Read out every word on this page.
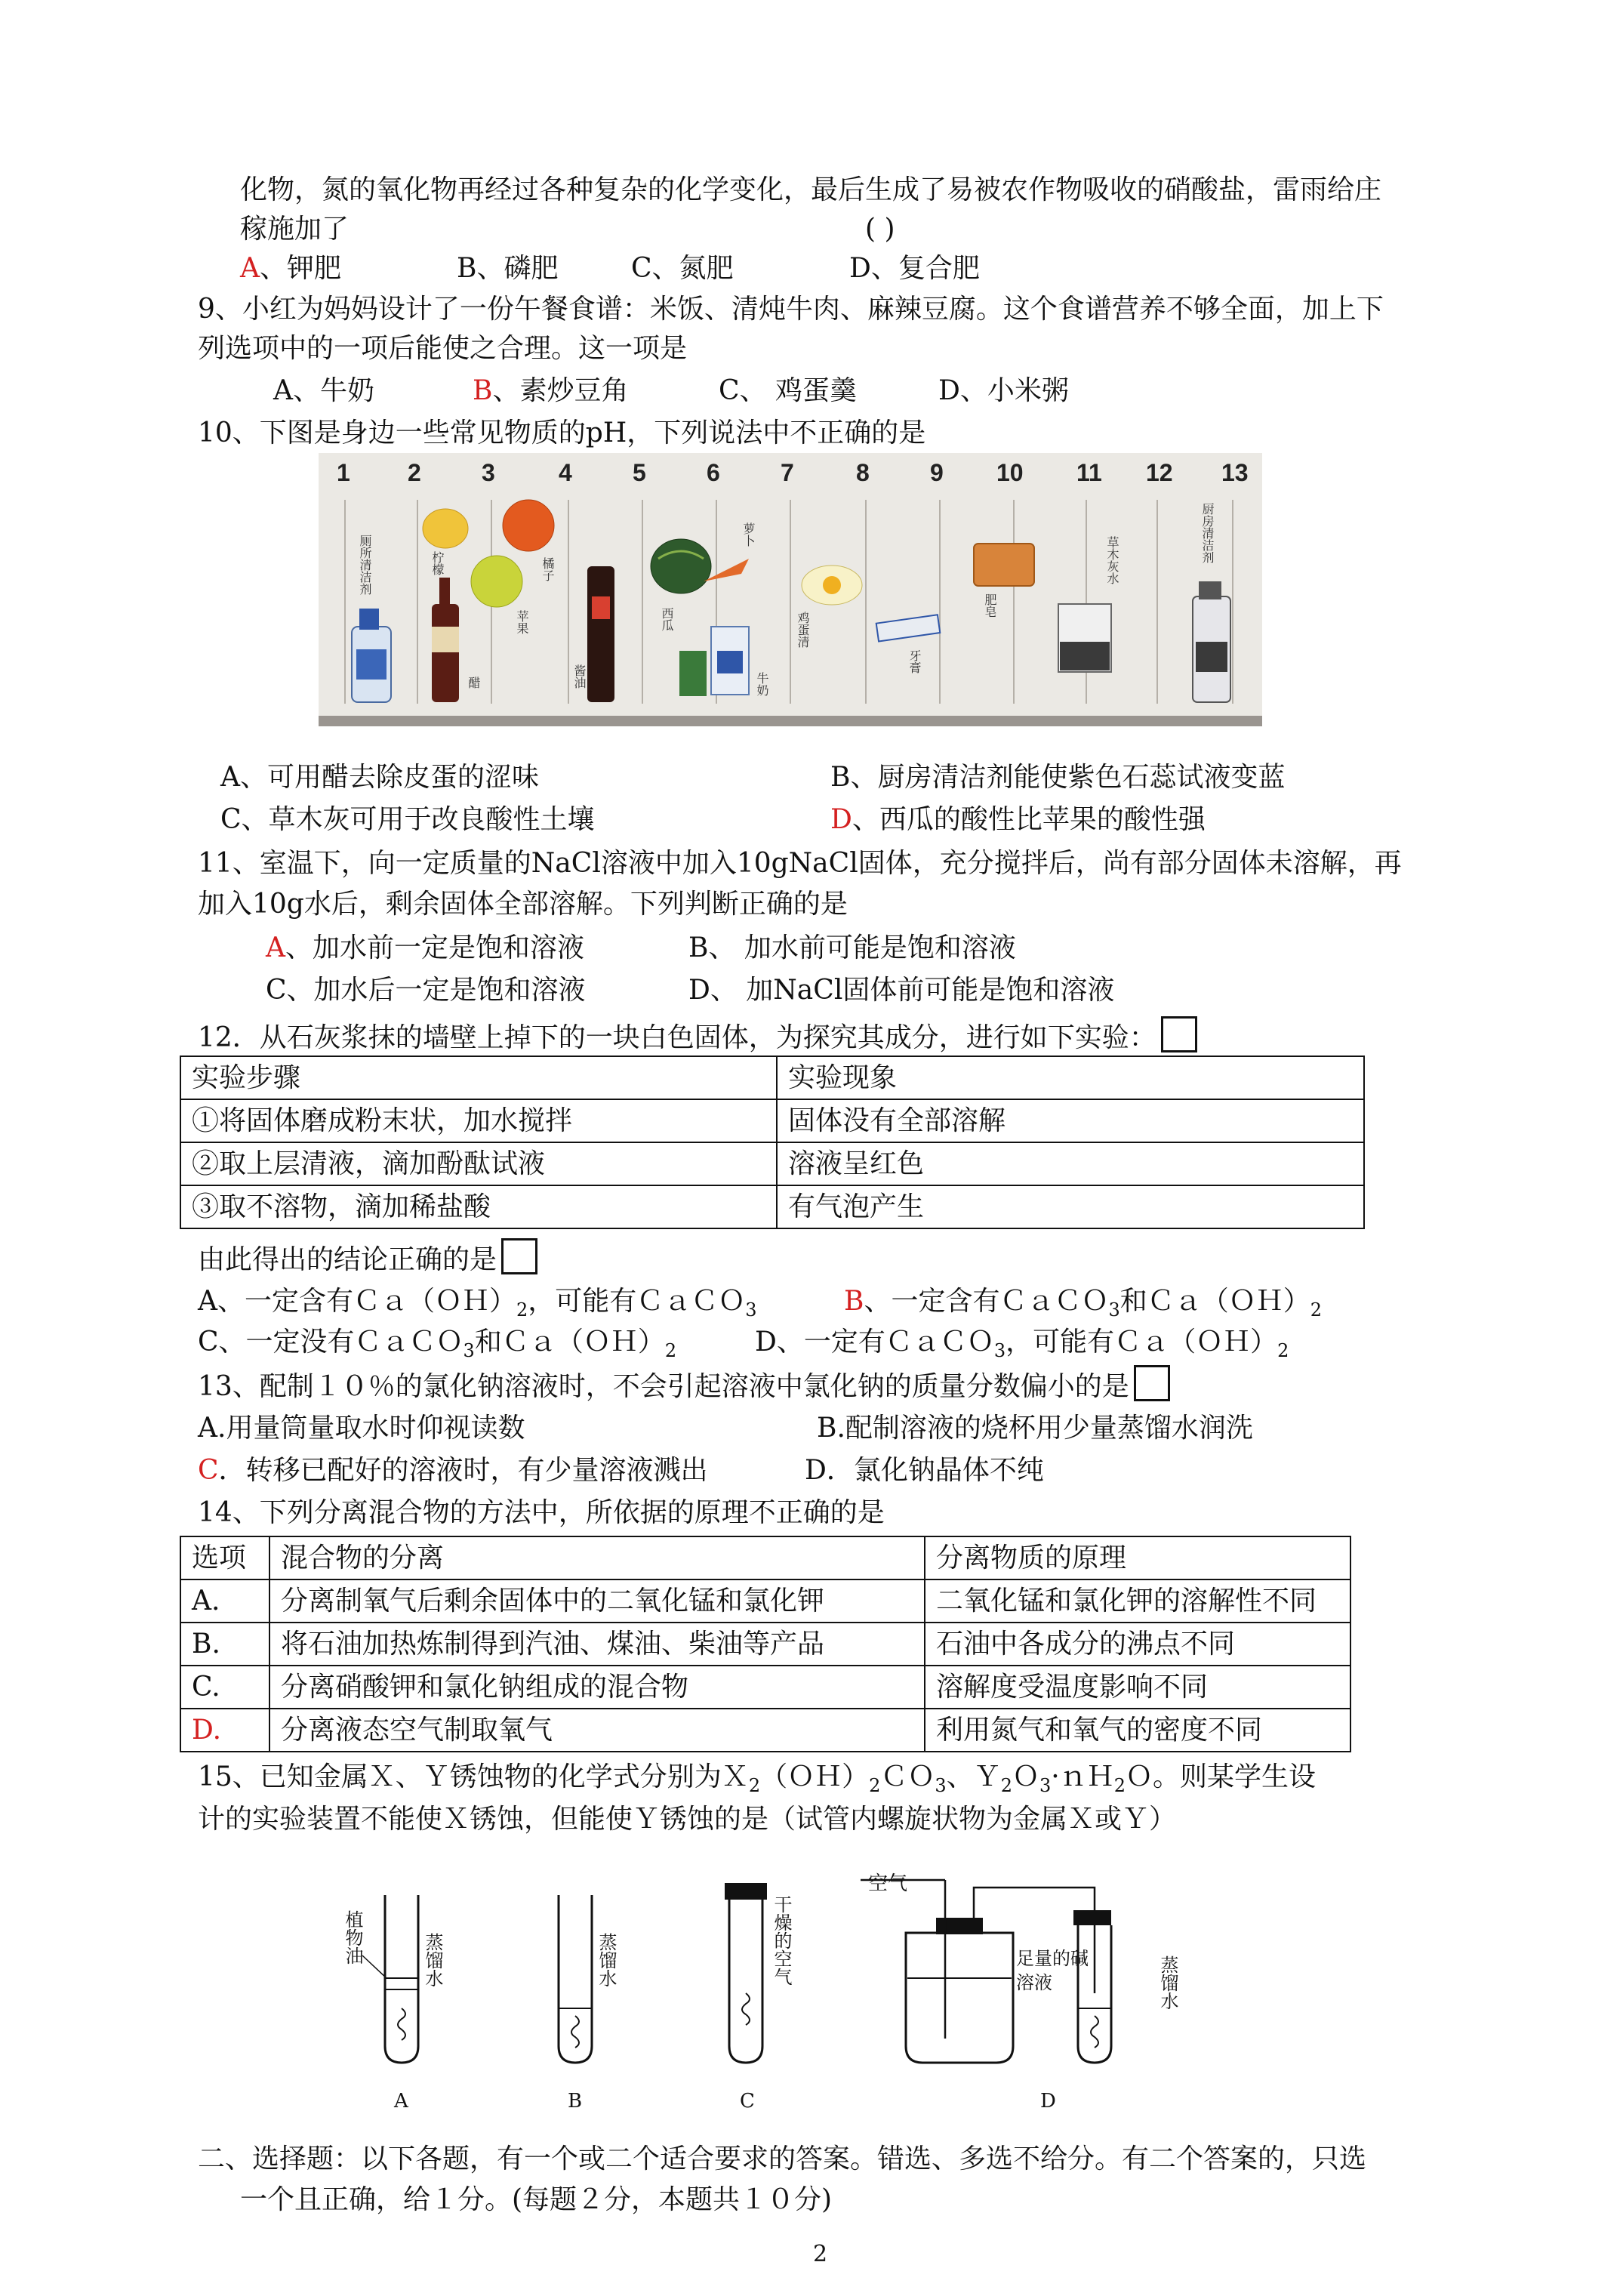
化物，氮的氧化物再经过各种复杂的化学变化，最后生成了易被农作物吸收的硝酸盐，雷雨给庄
稼施加了	( )
A、钾肥	B、磷肥	C、氮肥	D、复合肥
9、小红为妈妈设计了一份午餐食谱：米饭、清炖牛肉、麻辣豆腐。这个食谱营养不够全面，加上下
列选项中的一项后能使之合理。这一项是
A、牛奶	B、素炒豆角	C、 鸡蛋羹	D、小米粥
10、下图是身边一些常见物质的pH，下列说法中不正确的是
1 2	3	4	5	6	7	8	9 10 11 12 13
厕所清洁剂	柠檬	橘子
苹果
醋	酱油
西瓜
萝卜
牛奶
鸡蛋清
牙膏
肥皂
草木灰水	厨房清洁剂
A、可用醋去除皮蛋的涩味	B、厨房清洁剂能使紫色石蕊试液变蓝
C、草木灰可用于改良酸性土壤	D、西瓜的酸性比苹果的酸性强
11、室温下，向一定质量的NaCl溶液中加入10gNaCl固体，充分搅拌后，尚有部分固体未溶解，再
加入10g水后，剩余固体全部溶解。下列判断正确的是
A、加水前一定是饱和溶液	B、 加水前可能是饱和溶液
C、加水后一定是饱和溶液	D、 加NaCl固体前可能是饱和溶液
12．从石灰浆抹的墙壁上掉下的一块白色固体，为探究其成分，进行如下实验：
实验步骤	实验现象
①将固体磨成粉末状，加水搅拌	固体没有全部溶解
②取上层清液，滴加酚酞试液	溶液呈红色
③取不溶物，滴加稀盐酸	有气泡产生
由此得出的结论正确的是
A、一定含有$Ca(OH)_2$，可能有ＣａＣＯ$_3$	B、一定含有ＣａＣＯ$_3$和$Ca(OH)_2$
C、一定没有ＣａＣＯ$_3$和$Ca(OH)_2$	D、一定有ＣａＣＯ$_3$，可能有$Ca(OH)_2$
13、配制１０％的氯化钠溶液时，不会引起溶液中氯化钠的质量分数偏小的是
A.用量筒量取水时仰视读数	B.配制溶液的烧杯用少量蒸馏水润洗
C．转移已配好的溶液时，有少量溶液溅出	D．氯化钠晶体不纯
14、下列分离混合物的方法中，所依据的原理不正确的是
选项	混合物的分离	分离物质的原理
A.	分离制氧气后剩余固体中的二氧化锰和氯化钾	二氧化锰和氯化钾的溶解性不同
B.	将石油加热炼制得到汽油、煤油、柴油等产品	石油中各成分的沸点不同
C.	分离硝酸钾和氯化钠组成的混合物	溶解度受温度影响不同
D.	分离液态空气制取氧气	利用氮气和氧气的密度不同
15、已知金属Ｘ、Ｙ锈蚀物的化学式分别为$X_2(OH)_2CO_3$、Ｙ$_2$Ｏ$_3$·ｎＨ$_2$Ｏ。则某学生设
计的实验装置不能使Ｘ锈蚀，但能使Ｙ锈蚀的是（试管内螺旋状物为金属Ｘ或Ｙ）
植物油	蒸馏水	蒸馏水	干燥的空气
空气
足量的碱溶液	蒸馏水
A	B	C	D
二、选择题：以下各题，有一个或二个适合要求的答案。错选、多选不给分。有二个答案的，只选
一个且正确，给１分。(每题２分，本题共１０分)
2
